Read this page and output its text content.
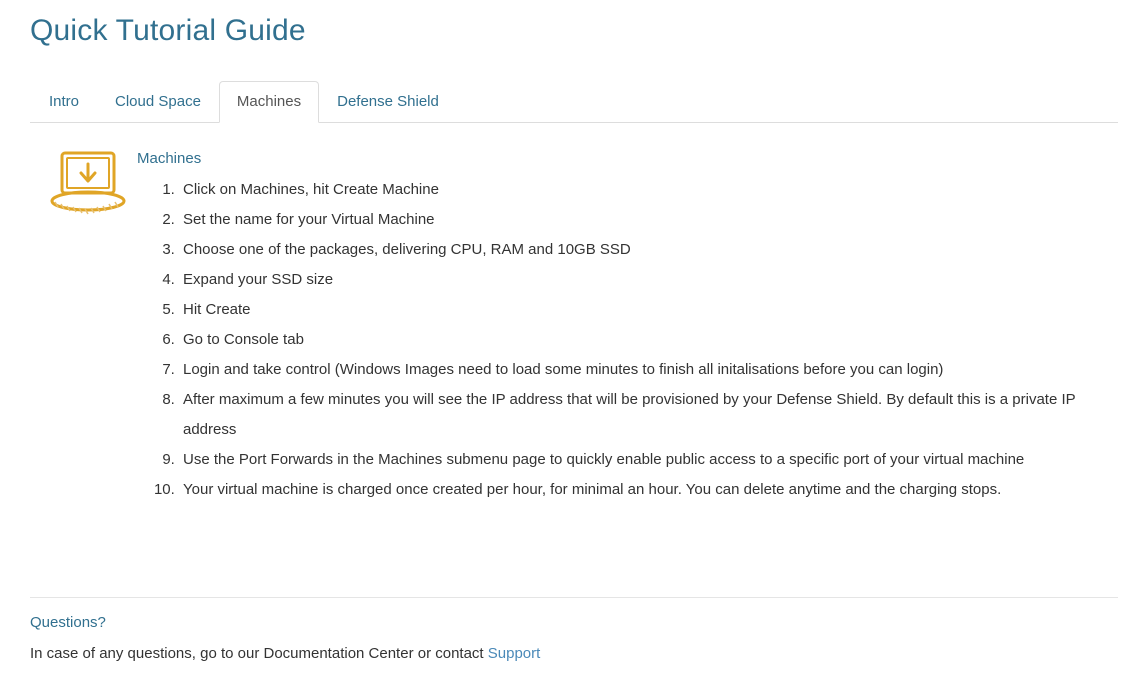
Quick Tutorial Guide
Intro	Cloud Space	Machines	Defense Shield
Machines
1. Click on Machines, hit Create Machine
2. Set the name for your Virtual Machine
3. Choose one of the packages, delivering CPU, RAM and 10GB SSD
4. Expand your SSD size
5. Hit Create
6. Go to Console tab
7. Login and take control (Windows Images need to load some minutes to finish all initalisations before you can login)
8. After maximum a few minutes you will see the IP address that will be provisioned by your Defense Shield. By default this is a private IP address
9. Use the Port Forwards in the Machines submenu page to quickly enable public access to a specific port of your virtual machine
10. Your virtual machine is charged once created per hour, for minimal an hour. You can delete anytime and the charging stops.
Questions?

In case of any questions, go to our Documentation Center or contact Support
